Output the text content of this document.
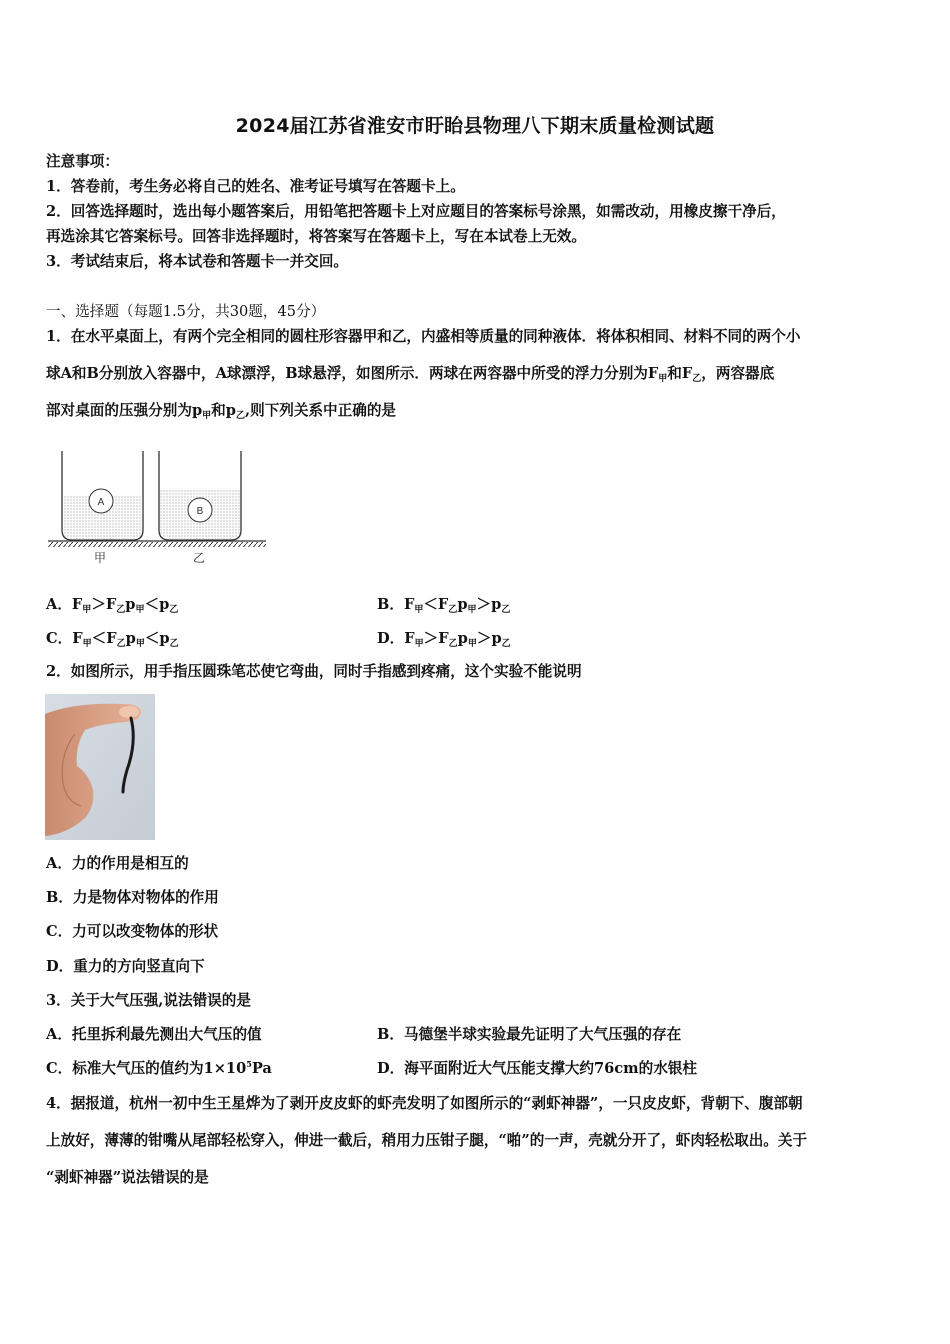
2024届江苏省淮安市盱眙县物理八下期末质量检测试题
注意事项：
1．答卷前，考生务必将自己的姓名、准考证号填写在答题卡上。
2．回答选择题时，选出每小题答案后，用铅笔把答题卡上对应题目的答案标号涂黑，如需改动，用橡皮擦干净后，
再选涂其它答案标号。回答非选择题时，将答案写在答题卡上，写在本试卷上无效。
3．考试结束后，将本试卷和答题卡一并交回。
一、选择题（每题1.5分，共30题，45分）
1．在水平桌面上，有两个完全相同的圆柱形容器甲和乙，内盛相等质量的同种液体．将体积相同、材料不同的两个小
球A和B分别放入容器中，A球漂浮，B球悬浮，如图所示．两球在两容器中所受的浮力分别为$F_甲$和$F_乙$，两容器底
部对桌面的压强分别为$p_甲$和$p_乙$,则下列关系中正确的是
A
B
甲	乙
A．$F_甲>F_乙p_甲<p_乙$	B．$F_甲<F_乙p_甲>p_乙$
C．$F_甲<F_乙p_甲<p_乙$	D．$F_甲>F_乙p_甲>p_乙$
2．如图所示，用手指压圆珠笔芯使它弯曲，同时手指感到疼痛，这个实验不能说明
A．力的作用是相互的
B．力是物体对物体的作用
C．力可以改变物体的形状
D．重力的方向竖直向下
3．关于大气压强,说法错误的是
A．托里拆利最先测出大气压的值	B．马德堡半球实验最先证明了大气压强的存在
C．标准大气压的值约为$1\times 10^5Pa$	D．海平面附近大气压能支撑大约76cm的水银柱
4．据报道，杭州一初中生王星烨为了剥开皮皮虾的虾壳发明了如图所示的“剥虾神器”，一只皮皮虾，背朝下、腹部朝
上放好，薄薄的钳嘴从尾部轻松穿入，伸进一截后，稍用力压钳子腿，“啪”的一声，壳就分开了，虾肉轻松取出。关于
“剥虾神器”说法错误的是
